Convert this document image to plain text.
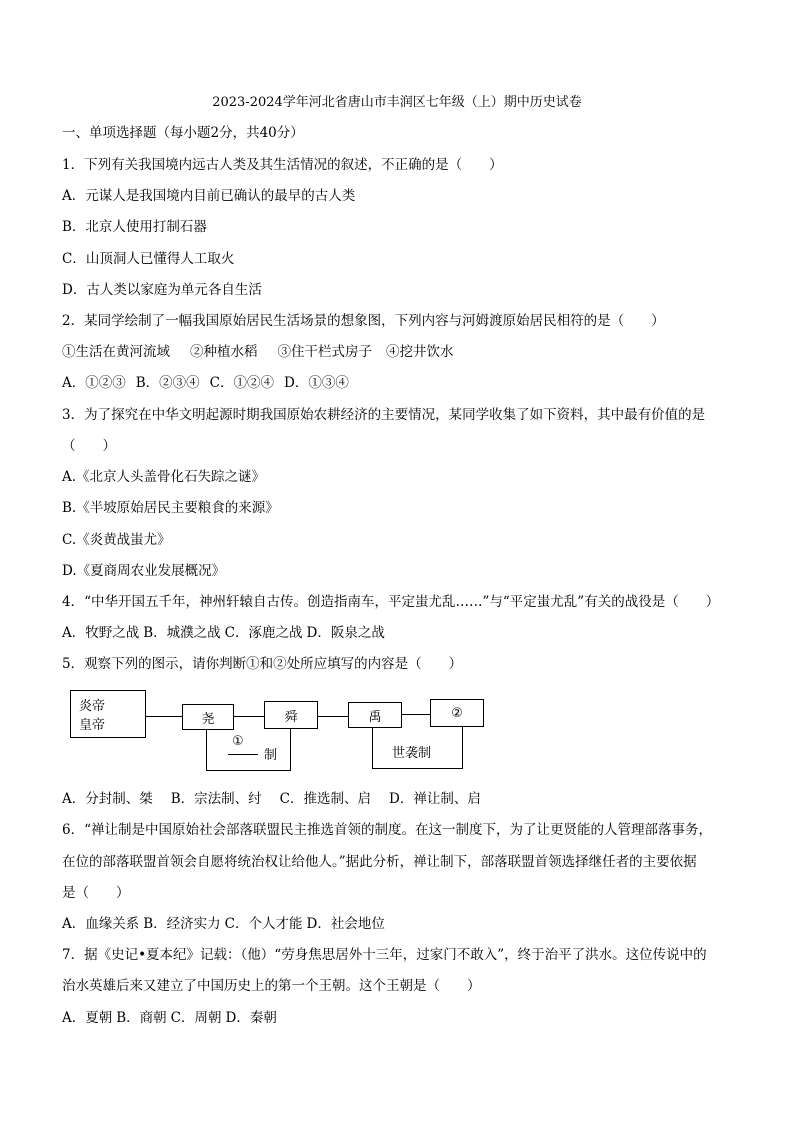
2023-2024学年河北省唐山市丰润区七年级（上）期中历史试卷
一、单项选择题（每小题2分，共40分）
1．下列有关我国境内远古人类及其生活情况的叙述，不正确的是（　　）
A．元谋人是我国境内目前已确认的最早的古人类
B．北京人使用打制石器
C．山顶洞人已懂得人工取火
D．古人类以家庭为单元各自生活
2．某同学绘制了一幅我国原始居民生活场景的想象图，下列内容与河姆渡原始居民相符的是（　　）
①生活在黄河流域 ②种植水稻 ③住干栏式房子 ④挖井饮水
A．①②③ B．②③④ C．①②④ D．①③④
3．为了探究在中华文明起源时期我国原始农耕经济的主要情况，某同学收集了如下资料，其中最有价值的是
（　　）
A.《北京人头盖骨化石失踪之谜》
B.《半坡原始居民主要粮食的来源》
C.《炎黄战蚩尤》
D.《夏商周农业发展概况》
4．“中华开国五千年，神州轩辕自古传。创造指南车，平定蚩尤乱……”与“平定蚩尤乱”有关的战役是（　　）
A．牧野之战 B．城濮之战 C．涿鹿之战 D．阪泉之战
5．观察下列的图示，请你判断①和②处所应填写的内容是（　　）
炎帝
皇帝	尧	舜	禹	②
①
制	世袭制
A．分封制、桀 B．宗法制、纣 C．推选制、启 D．禅让制、启
6．“禅让制是中国原始社会部落联盟民主推选首领的制度。在这一制度下，为了让更贤能的人管理部落事务，
在位的部落联盟首领会自愿将统治权让给他人。”据此分析，禅让制下，部落联盟首领选择继任者的主要依据
是（　　）
A．血缘关系 B．经济实力 C．个人才能 D．社会地位
7．据《史记•夏本纪》记载：（他）“劳身焦思居外十三年，过家门不敢入”，终于治平了洪水。这位传说中的
治水英雄后来又建立了中国历史上的第一个王朝。这个王朝是（　　）
A．夏朝 B．商朝 C．周朝 D．秦朝
